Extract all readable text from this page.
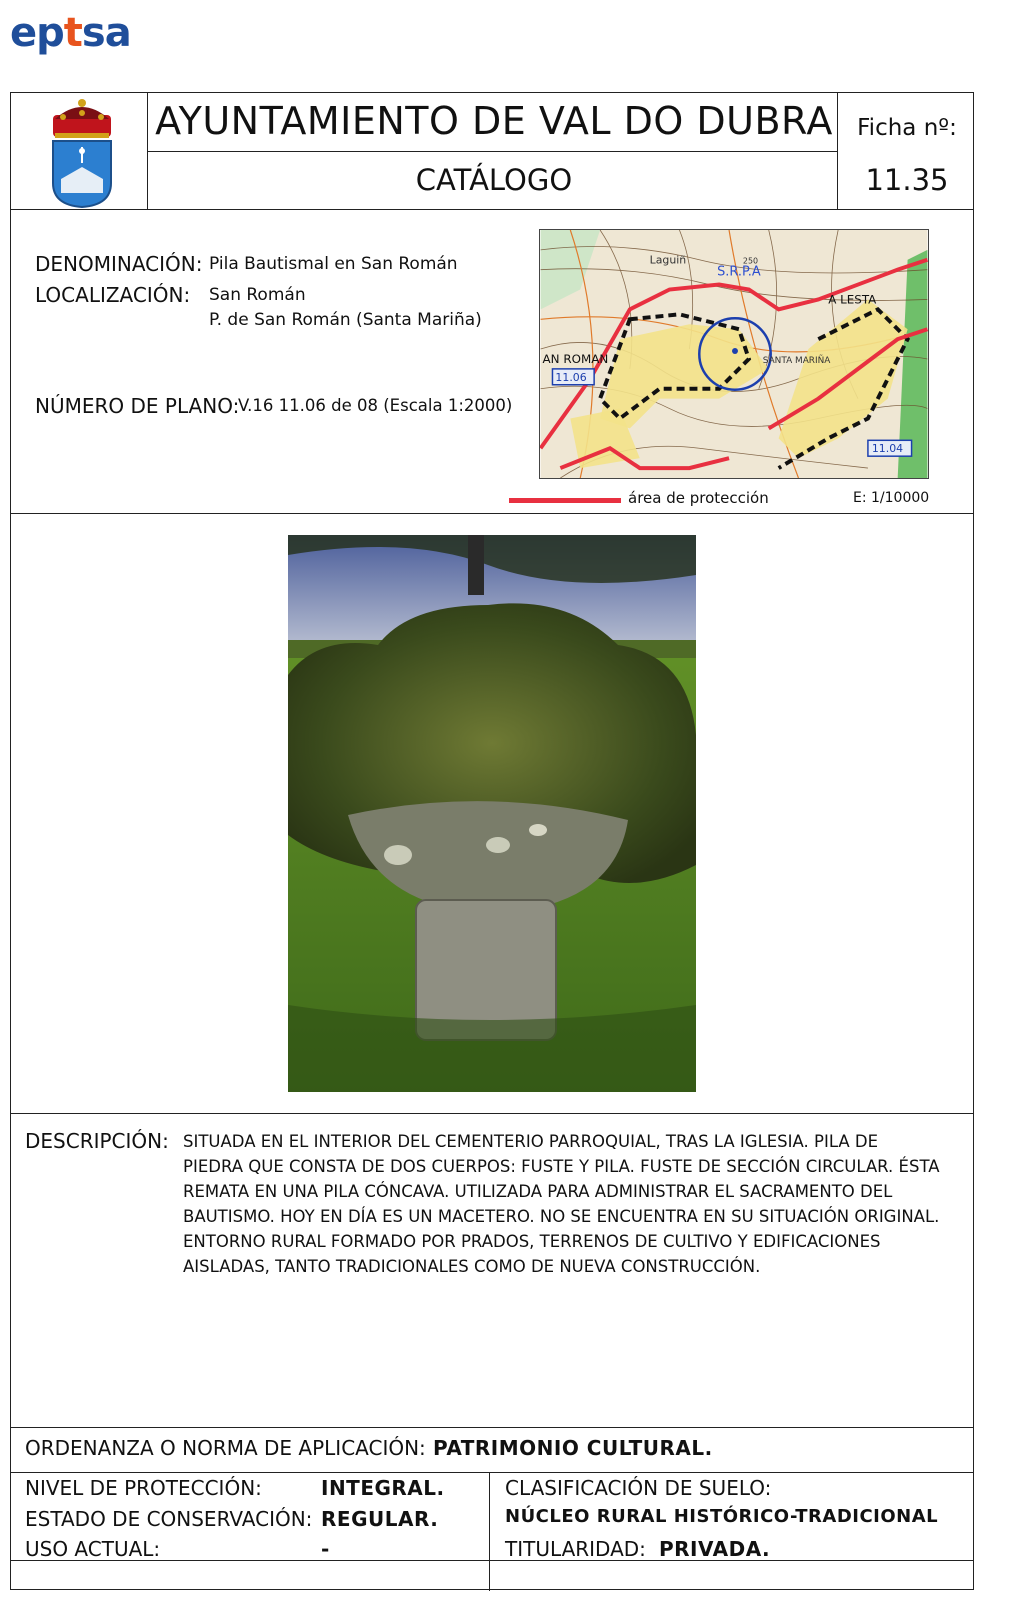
eptsa
AYUNTAMIENTO DE VAL DO DUBRA
CATÁLOGO
Ficha nº:
11.35
DENOMINACIÓN: Pila Bautismal en San Román
LOCALIZACIÓN: San Román
P. de San Román (Santa Mariña)
NÚMERO DE PLANO:
V.16 11.06 de 08 (Escala 1:2000)
Laguiñ
S.R.P.A
250
A LESTA
AN ROMAN
11.06
SANTA MARIÑA
11.04
área de protección	E: 1/10000
DESCRIPCIÓN: SITUADA EN EL INTERIOR DEL CEMENTERIO PARROQUIAL, TRAS LA IGLESIA. PILA DE
PIEDRA QUE CONSTA DE DOS CUERPOS: FUSTE Y PILA. FUSTE DE SECCIÓN CIRCULAR. ÉSTA
REMATA EN UNA PILA CÓNCAVA. UTILIZADA PARA ADMINISTRAR EL SACRAMENTO DEL
BAUTISMO. HOY EN DÍA ES UN MACETERO. NO SE ENCUENTRA EN SU SITUACIÓN ORIGINAL.
ENTORNO RURAL FORMADO POR PRADOS, TERRENOS DE CULTIVO Y EDIFICACIONES
AISLADAS, TANTO TRADICIONALES COMO DE NUEVA CONSTRUCCIÓN.
ORDENANZA O NORMA DE APLICACIÓN: PATRIMONIO CULTURAL.
NIVEL DE PROTECCIÓN:	INTEGRAL.
ESTADO DE CONSERVACIÓN: REGULAR.
CLASIFICACIÓN DE SUELO:
NÚCLEO RURAL HISTÓRICO-TRADICIONAL
USO ACTUAL:	-	TITULARIDAD: PRIVADA.
